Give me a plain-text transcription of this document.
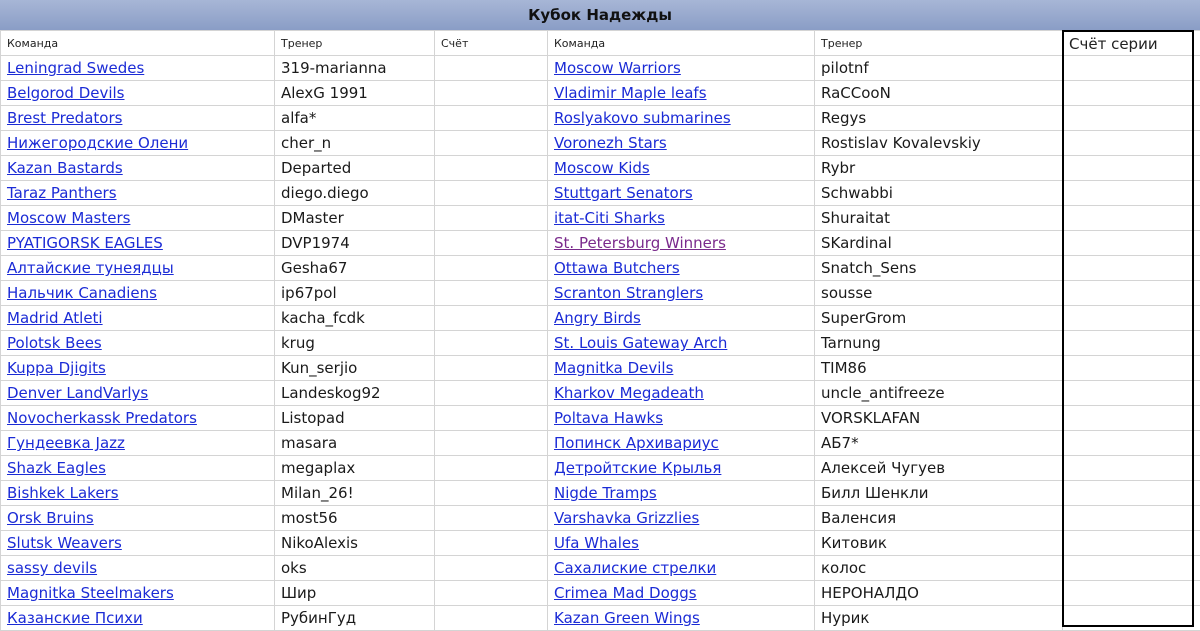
Кубок Надежды
Команда	Тренер	Счёт	Команда	Тренер	Счёт серии
Leningrad Swedes	319-marianna		Moscow Warriors	pilotnf	
Belgorod Devils	AlexG 1991		Vladimir Maple leafs	RaCCooN	
Brest Predators	alfa*		Roslyakovo submarines	Regys	
Нижегородские Олени	cher_n		Voronezh Stars	Rostislav Kovalevskiy	
Kazan Bastards	Departed		Moscow Kids	Rybr	
Taraz Panthers	diego.diego		Stuttgart Senators	Schwabbi	
Moscow Masters	DMaster		itat-Citi Sharks	Shuraitat	
PYATIGORSK EAGLES	DVP1974		St. Petersburg Winners	SKardinal	
Алтайские тунеядцы	Gesha67		Ottawa Butchers	Snatch_Sens	
Нальчик Canadiens	ip67pol		Scranton Stranglers	sousse	
Madrid Atleti	kacha_fcdk		Angry Birds	SuperGrom	
Polotsk Bees	krug		St. Louis Gateway Arch	Tarnung	
Kuppa Djigits	Kun_serjio		Magnitka Devils	TIM86	
Denver LandVarlys	Landeskog92		Kharkov Megadeath	uncle_antifreeze	
Novocherkassk Predators	Listopad		Poltava Hawks	VORSKLAFAN	
Гундеевка Jazz	masara		Попинск Архивариус	АБ7*	
Shazk Eagles	megaplax		Детройтские Крылья	Алексей Чугуев	
Bishkek Lakers	Milan_26!		Nigde Tramps	Билл Шенкли	
Orsk Bruins	most56		Varshavka Grizzlies	Валенсия	
Slutsk Weavers	NikoAlexis		Ufa Whales	Китовик	
sassy devils	oks		Сахалиские стрелки	колос	
Magnitka Steelmakers	Шир		Crimea Mad Doggs	НЕРОНАЛДО	
Казанские Психи	РубинГуд		Kazan Green Wings	Нурик	
